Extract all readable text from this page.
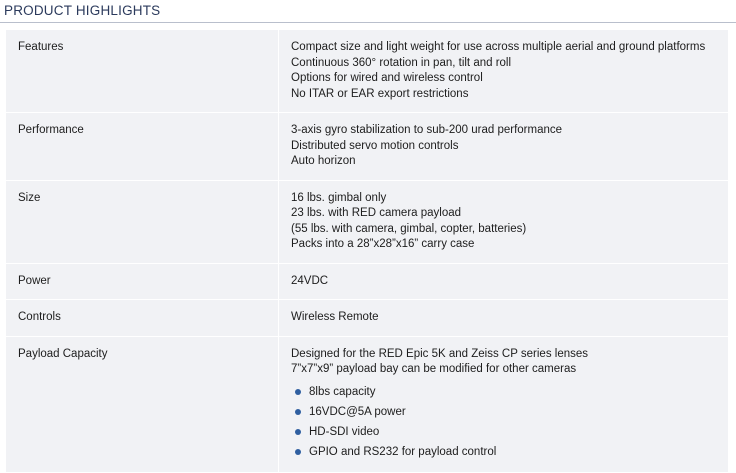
PRODUCT HIGHLIGHTS
Features	Compact size and light weight for use across multiple aerial and ground platforms
Continuous 360° rotation in pan, tilt and roll
Options for wired and wireless control
No ITAR or EAR export restrictions

Performance	3-axis gyro stabilization to sub-200 urad performance
Distributed servo motion controls
Auto horizon

Size	16 lbs. gimbal only
23 lbs. with RED camera payload
(55 lbs. with camera, gimbal, copter, batteries)
Packs into a 28”x28”x16” carry case

Power	24VDC

Controls	Wireless Remote

Payload Capacity	Designed for the RED Epic 5K and Zeiss CP series lenses
7”x7”x9” payload bay can be modified for other cameras
8lbs capacity
16VDC@5A power
HD-SDI video
GPIO and RS232 for payload control
